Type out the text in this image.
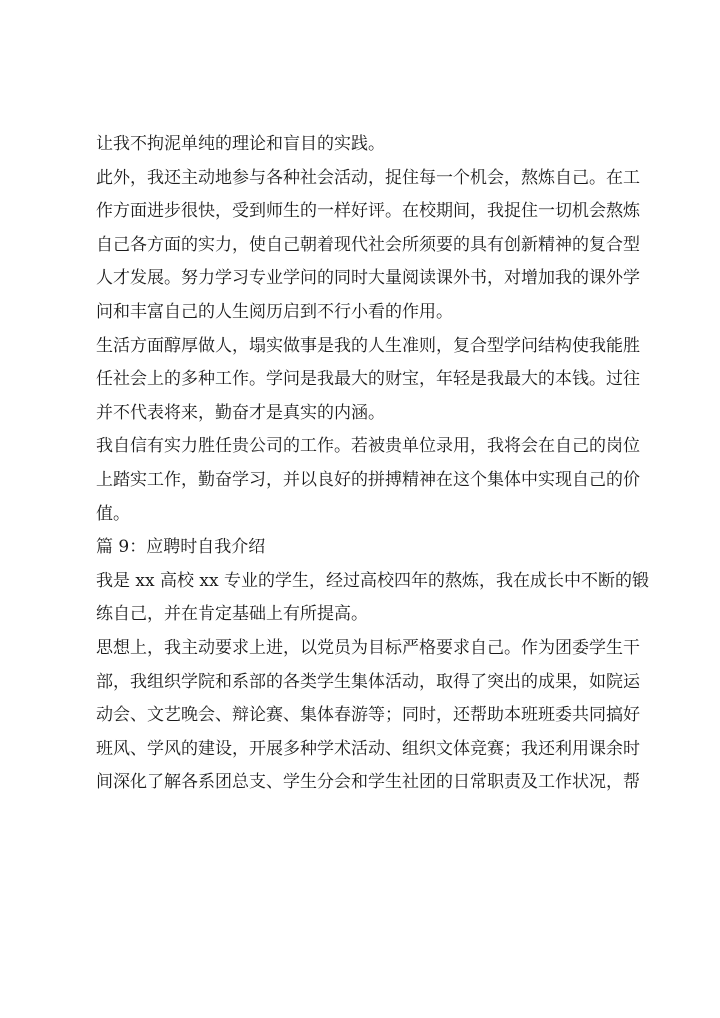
让我不拘泥单纯的理论和盲目的实践。

此外，我还主动地参与各种社会活动，捉住每一个机会，熬炼自己。在工

作方面进步很快，受到师生的一样好评。在校期间，我捉住一切机会熬炼

自己各方面的实力，使自己朝着现代社会所须要的具有创新精神的复合型

人才发展。努力学习专业学问的同时大量阅读课外书，对增加我的课外学

问和丰富自己的人生阅历启到不行小看的作用。

生活方面醇厚做人，塌实做事是我的人生准则，复合型学问结构使我能胜

任社会上的多种工作。学问是我最大的财宝，年轻是我最大的本钱。过往

并不代表将来，勤奋才是真实的内涵。

我自信有实力胜任贵公司的工作。若被贵单位录用，我将会在自己的岗位

上踏实工作，勤奋学习，并以良好的拼搏精神在这个集体中实现自己的价

值。

篇 9：应聘时自我介绍

我是 xx 高校 xx 专业的学生，经过高校四年的熬炼，我在成长中不断的锻

练自己，并在肯定基础上有所提高。

思想上，我主动要求上进，以党员为目标严格要求自己。作为团委学生干

部，我组织学院和系部的各类学生集体活动，取得了突出的成果，如院运

动会、文艺晚会、辩论赛、集体春游等；同时，还帮助本班班委共同搞好

班风、学风的建设，开展多种学术活动、组织文体竞赛；我还利用课余时

间深化了解各系团总支、学生分会和学生社团的日常职责及工作状况，帮
